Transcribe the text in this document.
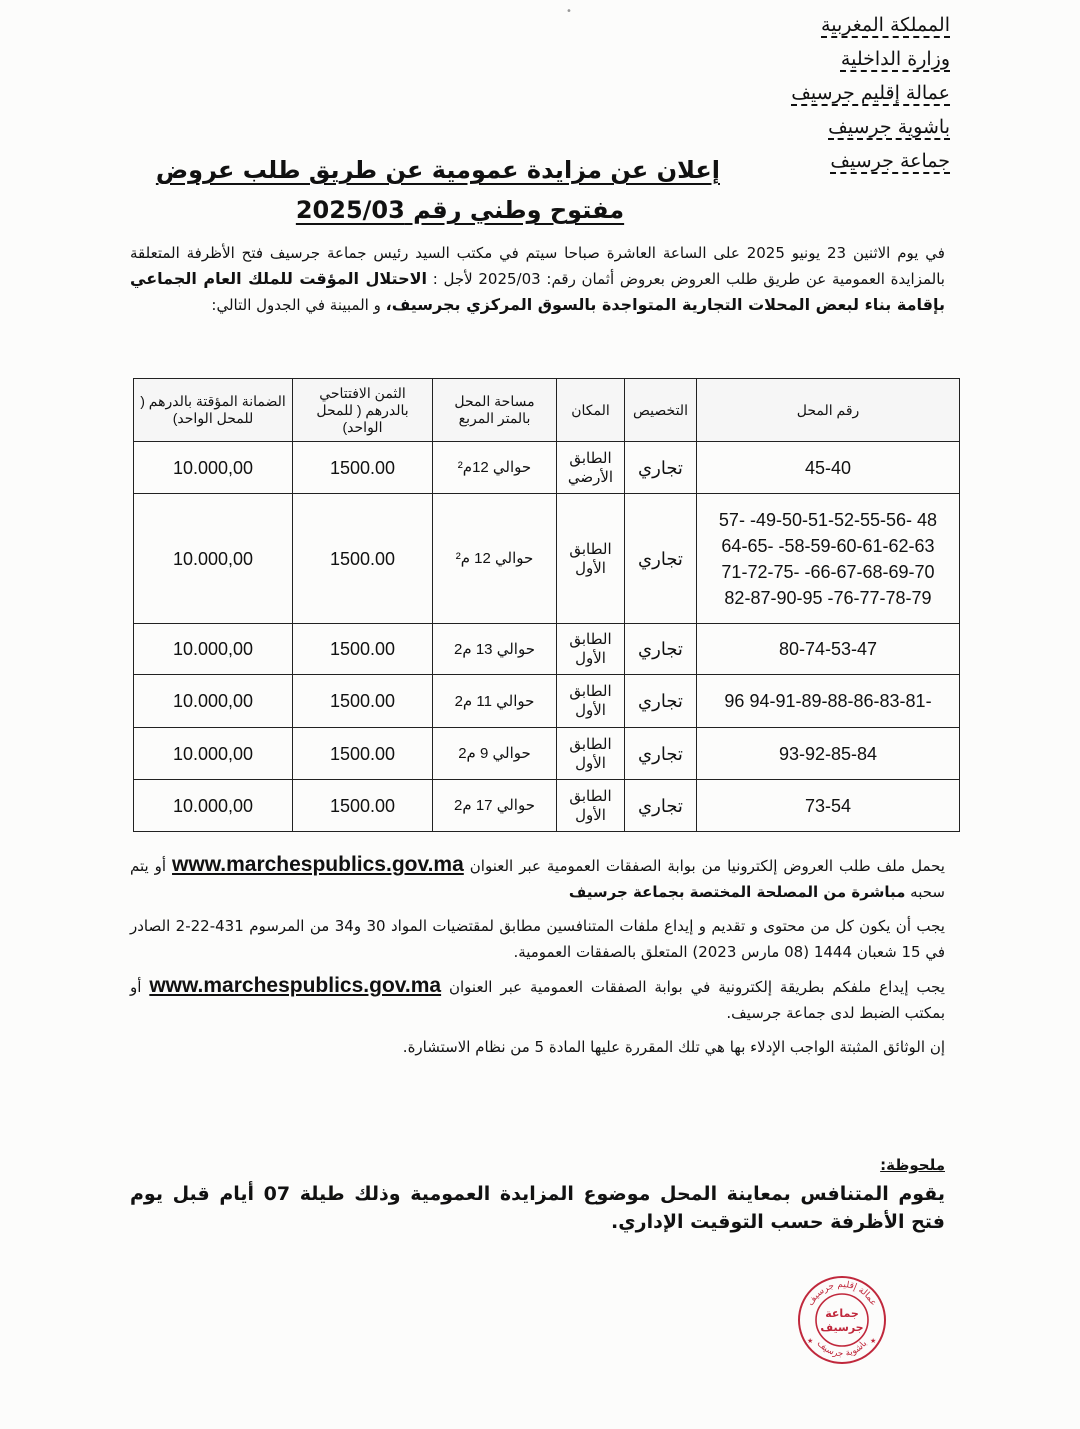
•
المملكة المغربية
وزارة الداخلية
عمالة إقليم جرسيف
باشوية جرسيف
جماعة جرسيف
إعلان عن مزايدة عمومية عن طريق طلب عروض
مفتوح وطني رقم 2025/03
في يوم الاثنين 23 يونيو 2025 على الساعة العاشرة صباحا سيتم في مكتب السيد رئيس جماعة جرسيف فتح الأظرفة المتعلقة بالمزايدة العمومية عن طريق طلب العروض بعروض أثمان رقم: 2025/03 لأجل : الاحتلال المؤقت للملك العام الجماعي بإقامة بناء لبعض المحلات التجارية المتواجدة بالسوق المركزي بجرسيف، و المبينة في الجدول التالي:
رقم المحل	التخصيص	المكان	مساحة المحل بالمتر المربع	الثمن الافتتاحي بالدرهم ( للمحل الواحد)	الضمانة المؤقتة بالدرهم ( للمحل الواحد)
45-40	تجاري	الطابق الأرضي	حوالي 12م²	1500.00	10.000,00
48 -49-50-51-52-55-56- 57-58-59-60-61-62-63- 64-65-66-67-68-69-70- 71-72-75-76-77-78-79- 82-87-90-95	تجاري	الطابق الأول	حوالي 12 م²	1500.00	10.000,00
80-74-53-47	تجاري	الطابق الأول	حوالي 13 م2	1500.00	10.000,00
-94-91-89-88-86-83-81 96	تجاري	الطابق الأول	حوالي 11 م2	1500.00	10.000,00
93-92-85-84	تجاري	الطابق الأول	حوالي 9 م2	1500.00	10.000,00
73-54	تجاري	الطابق الأول	حوالي 17 م2	1500.00	10.000,00

يحمل ملف طلب العروض إلكترونيا من بوابة الصفقات العمومية عبر العنوان www.marchespublics.gov.ma أو يتم سحبه مباشرة من المصلحة المختصة بجماعة جرسيف

يجب أن يكون كل من محتوى و تقديم و إيداع ملفات المتنافسين مطابق لمقتضيات المواد 30 و34 من المرسوم 431-22-2 الصادر في 15 شعبان 1444 (08 مارس 2023) المتعلق بالصفقات العمومية.

يجب إيداع ملفكم بطريقة إلكترونية في بوابة الصفقات العمومية عبر العنوان www.marchespublics.gov.ma أو بمكتب الضبط لدى جماعة جرسيف.

إن الوثائق المثبتة الواجب الإدلاء بها هي تلك المقررة عليها المادة 5 من نظام الاستشارة.

ملحوظة:
يقوم المتنافس بمعاينة المحل موضوع المزايدة العمومية وذلك طيلة 07 أيام قبل يوم فتح الأظرفة حسب التوقيت الإداري.
عمالة إقليم جرسيف
باشوية جرسيف
جماعة
جرسيف
★	★
